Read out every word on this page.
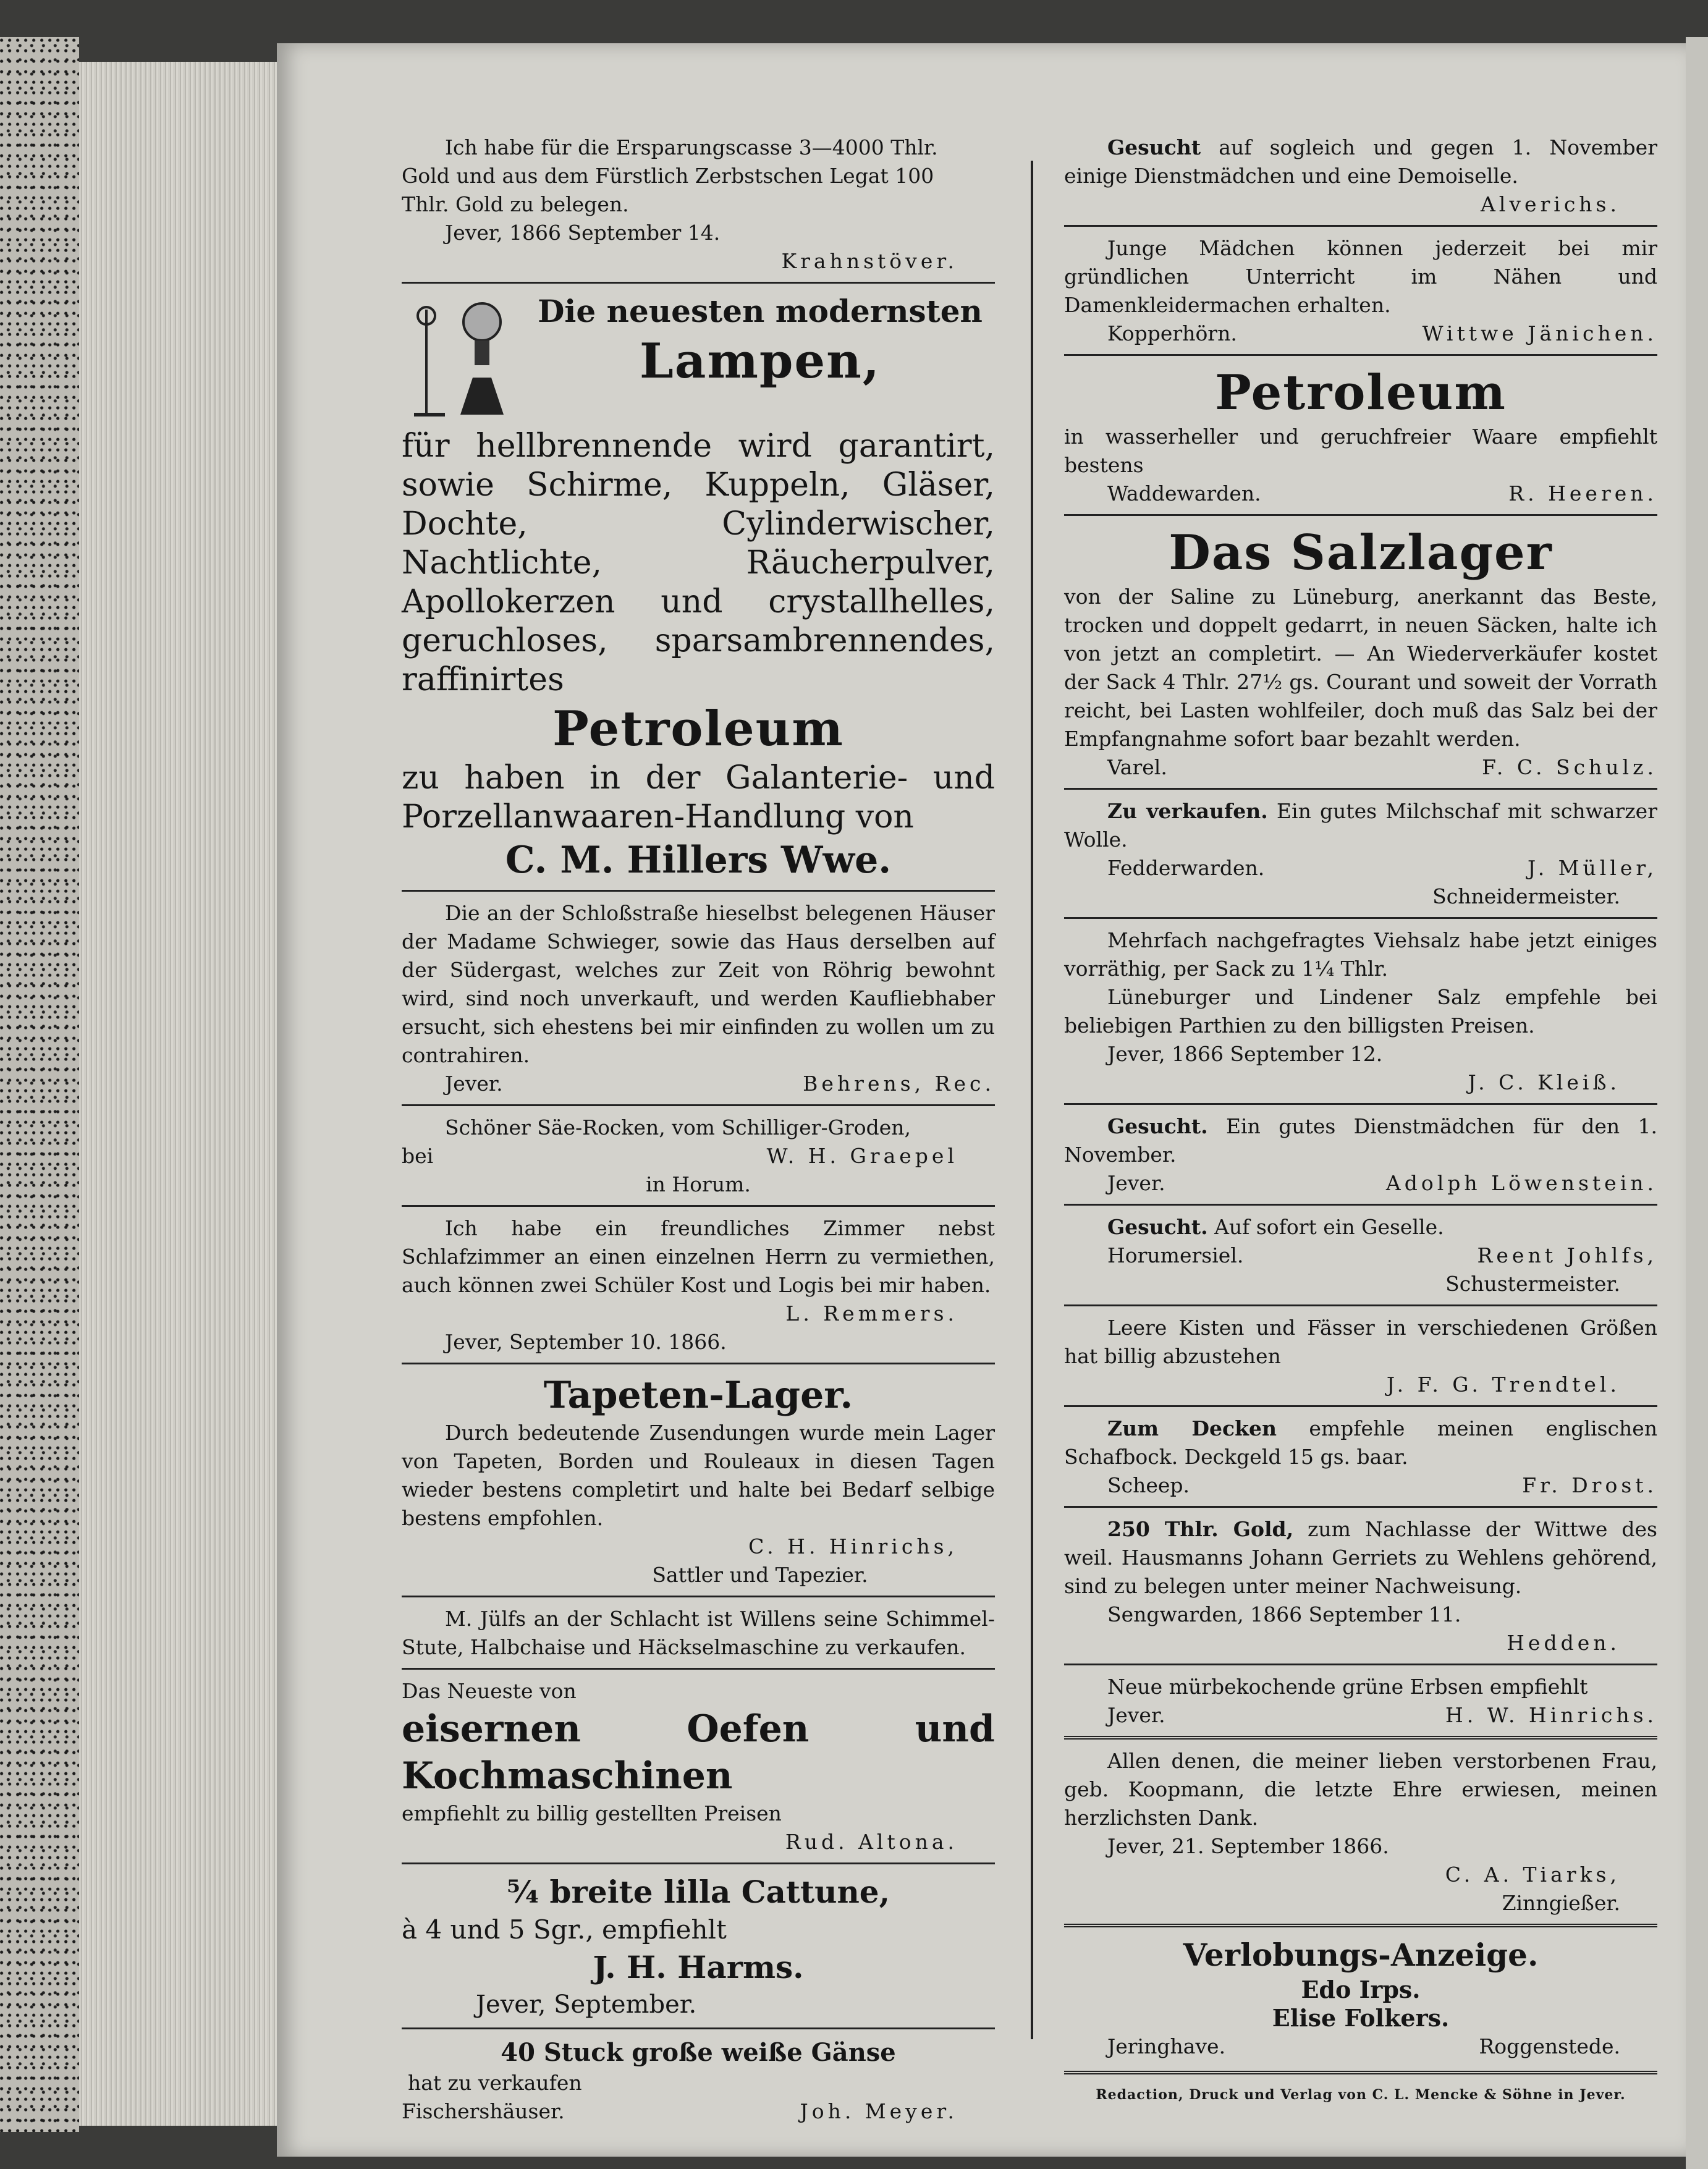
Ich habe für die Ersparungscasse 3—4000 Thlr.

Gold und aus dem Fürstlich Zerbstschen Legat 100

Thlr. Gold zu belegen.

Jever, 1866 September 14.

Krahnstöver.
Die neuesten modernsten
Lampen,
für hellbrennende wird garantirt, sowie Schirme, Kuppeln, Gläser, Dochte, Cylinderwischer, Nachtlichte, Räucherpulver, Apollokerzen und crystallhelles, geruchloses, sparsambrennendes, raffinirtes
Petroleum
zu haben in der Galanterie- und Porzellanwaaren-Handlung von
C. M. Hillers Wwe.

Die an der Schloßstraße hieselbst belegenen Häuser der Madame Schwieger, sowie das Haus derselben auf der Südergast, welches zur Zeit von Röhrig bewohnt wird, sind noch unverkauft, und werden Kaufliebhaber ersucht, sich ehestens bei mir einfinden zu wollen um zu contrahiren.

Jever.	Behrens, Rec.

Schöner Säe-Rocken, vom Schilliger-Groden,

bei	W. H. Graepel
in Horum.

Ich habe ein freundliches Zimmer nebst Schlafzimmer an einen einzelnen Herrn zu vermiethen, auch können zwei Schüler Kost und Logis bei mir haben.

L. Remmers.

Jever, September 10. 1866.

Tapeten-Lager.

Durch bedeutende Zusendungen wurde mein Lager von Tapeten, Borden und Rouleaux in diesen Tagen wieder bestens completirt und halte bei Bedarf selbige bestens empfohlen.

C. H. Hinrichs,
Sattler und Tapezier.

M. Jülfs an der Schlacht ist Willens seine Schimmel-Stute, Halbchaise und Häckselmaschine zu verkaufen.

Das Neueste von
eisernen Oefen und Kochmaschinen
empfiehlt zu billig gestellten Preisen
Rud. Altona.
⁵⁄₄ breite lilla Cattune,
à 4 und 5 Sgr., empfiehlt
J. H. Harms.
Jever, September.
40 Stuck große weiße Gänse
hat zu verkaufen
Fischershäuser.	Joh. Meyer.

Gesucht auf sogleich und gegen 1. November einige Dienstmädchen und eine Demoiselle.

Alverichs.

Junge Mädchen können jederzeit bei mir gründlichen Unterricht im Nähen und Damenkleidermachen erhalten.

Kopperhörn.	Wittwe Jänichen.
Petroleum

in wasserheller und geruchfreier Waare empfiehlt bestens

Waddewarden.	R. Heeren.
Das Salzlager

von der Saline zu Lüneburg, anerkannt das Beste, trocken und doppelt gedarrt, in neuen Säcken, halte ich von jetzt an completirt. — An Wiederverkäufer kostet der Sack 4 Thlr. 27½ gs. Courant und soweit der Vorrath reicht, bei Lasten wohlfeiler, doch muß das Salz bei der Empfangnahme sofort baar bezahlt werden.

Varel.	F. C. Schulz.

Zu verkaufen. Ein gutes Milchschaf mit schwarzer Wolle.

Fedderwarden.	J. Müller,
Schneidermeister.

Mehrfach nachgefragtes Viehsalz habe jetzt einiges vorräthig, per Sack zu 1¼ Thlr.

Lüneburger und Lindener Salz empfehle bei beliebigen Parthien zu den billigsten Preisen.

Jever, 1866 September 12.

J. C. Kleiß.

Gesucht. Ein gutes Dienstmädchen für den 1. November.

Jever.	Adolph Löwenstein.

Gesucht. Auf sofort ein Geselle.

Horumersiel.	Reent Johlfs,
Schustermeister.

Leere Kisten und Fässer in verschiedenen Größen hat billig abzustehen

J. F. G. Trendtel.

Zum Decken empfehle meinen englischen Schafbock. Deckgeld 15 gs. baar.

Scheep.	Fr. Drost.

250 Thlr. Gold, zum Nachlasse der Wittwe des weil. Hausmanns Johann Gerriets zu Wehlens gehörend, sind zu belegen unter meiner Nachweisung.

Sengwarden, 1866 September 11.

Hedden.

Neue mürbekochende grüne Erbsen empfiehlt

Jever.	H. W. Hinrichs.

Allen denen, die meiner lieben verstorbenen Frau, geb. Koopmann, die letzte Ehre erwiesen, meinen herzlichsten Dank.

Jever, 21. September 1866.

C. A. Tiarks,
Zinngießer.
Verlobungs-Anzeige.
Edo Irps.
Elise Folkers.
Jeringhave.	Roggenstede.
Redaction, Druck und Verlag von C. L. Mencke & Söhne in Jever.
